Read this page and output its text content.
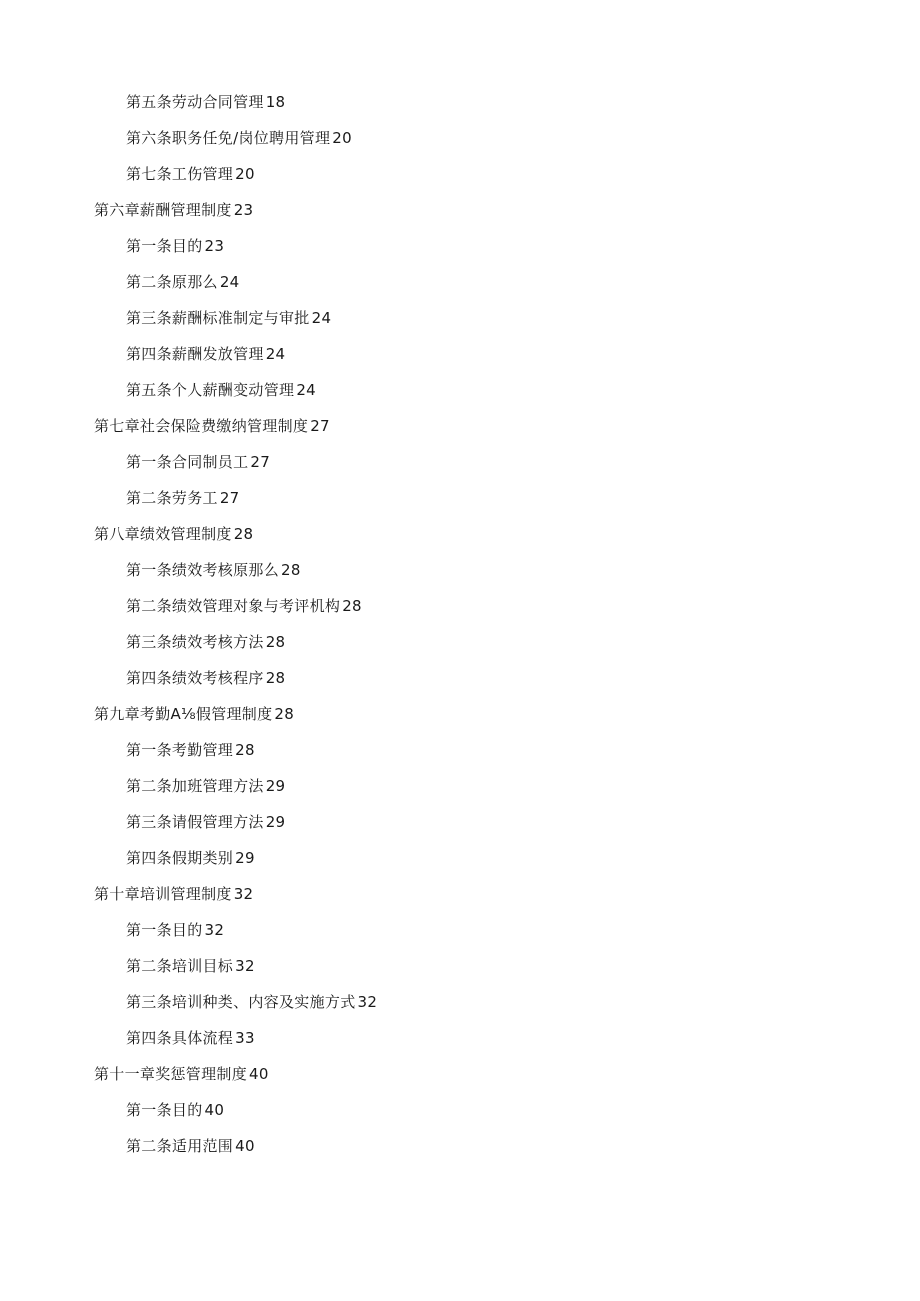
第五条劳动合同管理 18
第六条职务任免/岗位聘用管理 20
第七条工伤管理 20
第六章薪酬管理制度 23
第一条目的 23
第二条原那么 24
第三条薪酬标准制定与审批 24
第四条薪酬发放管理 24
第五条个人薪酬变动管理 24
第七章社会保险费缴纳管理制度 27
第一条合同制员工 27
第二条劳务工 27
第八章绩效管理制度 28
第一条绩效考核原那么 28
第二条绩效管理对象与考评机构 28
第三条绩效考核方法 28
第四条绩效考核程序 28
第九章考勤A⅛假管理制度 28
第一条考勤管理 28
第二条加班管理方法 29
第三条请假管理方法 29
第四条假期类别 29
第十章培训管理制度 32
第一条目的 32
第二条培训目标 32
第三条培训种类、内容及实施方式 32
第四条具体流程 33
第十一章奖惩管理制度 40
第一条目的 40
第二条适用范围 40
